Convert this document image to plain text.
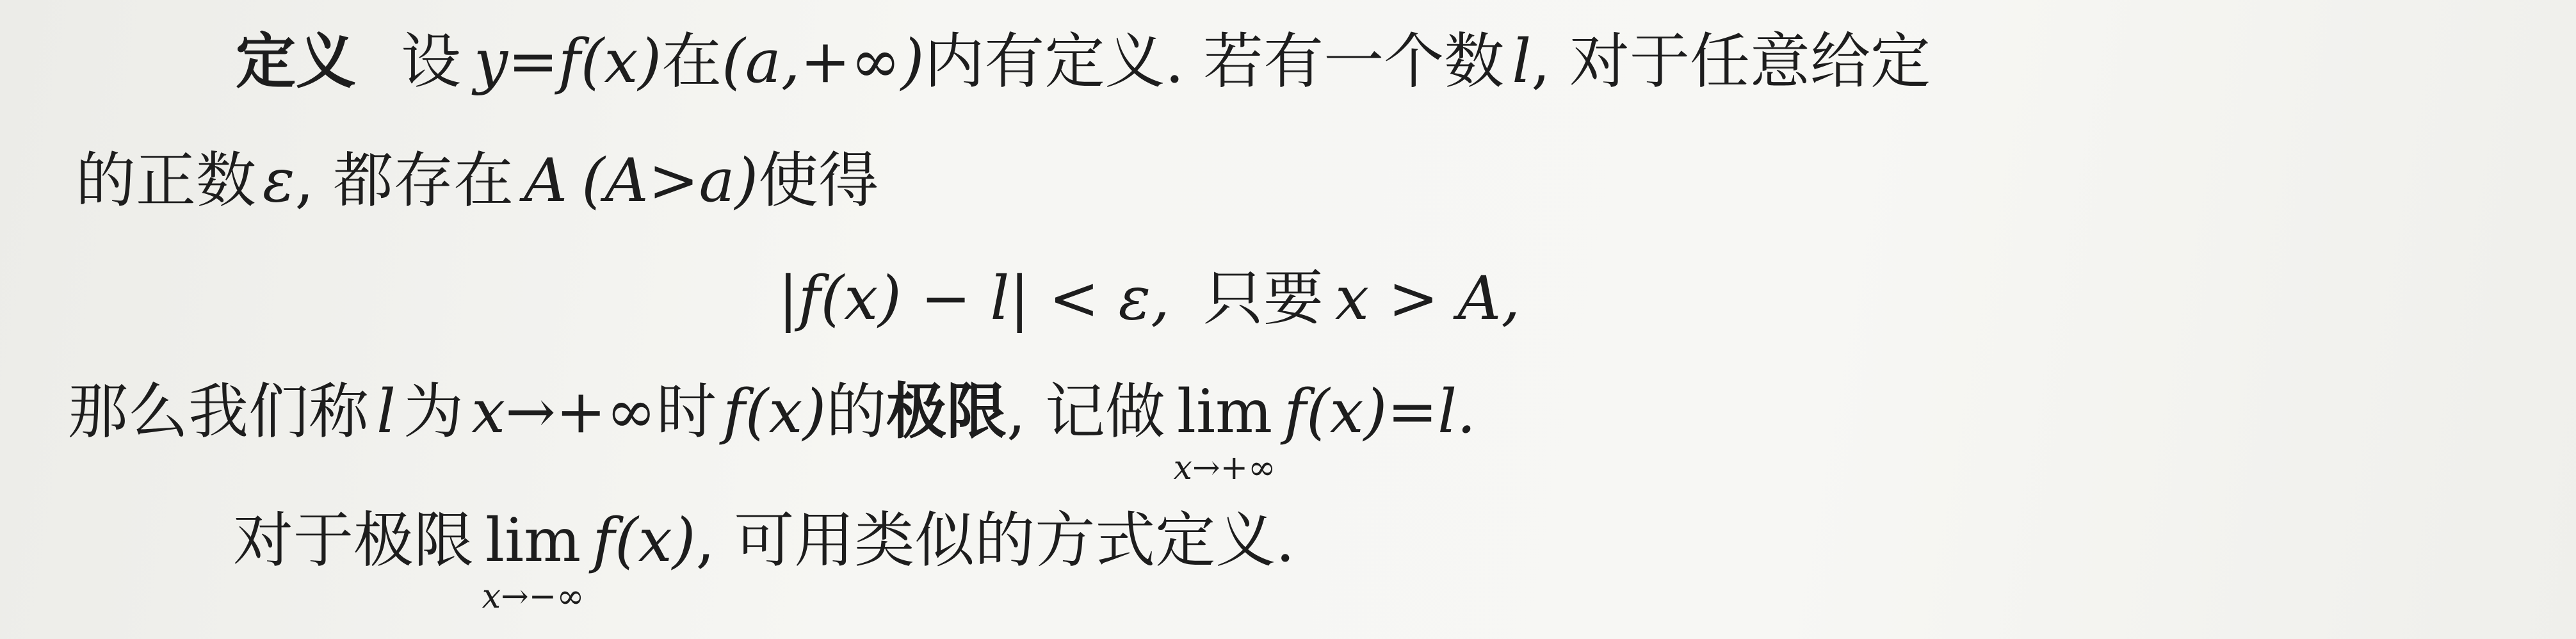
定义 设 y=f(x)在(a,+∞)内有定义. 若有一个数 l, 对于任意给定
的正数 ε, 都存在 A (A>a)使得
|f(x) − l| < ε, 只要 x > A,
那么我们称 l 为 x→+∞时 f(x)的极限, 记做 lim
x→+∞
f(x)=l.
对于极限 lim
x→−∞
f(x), 可用类似的方式定义.
